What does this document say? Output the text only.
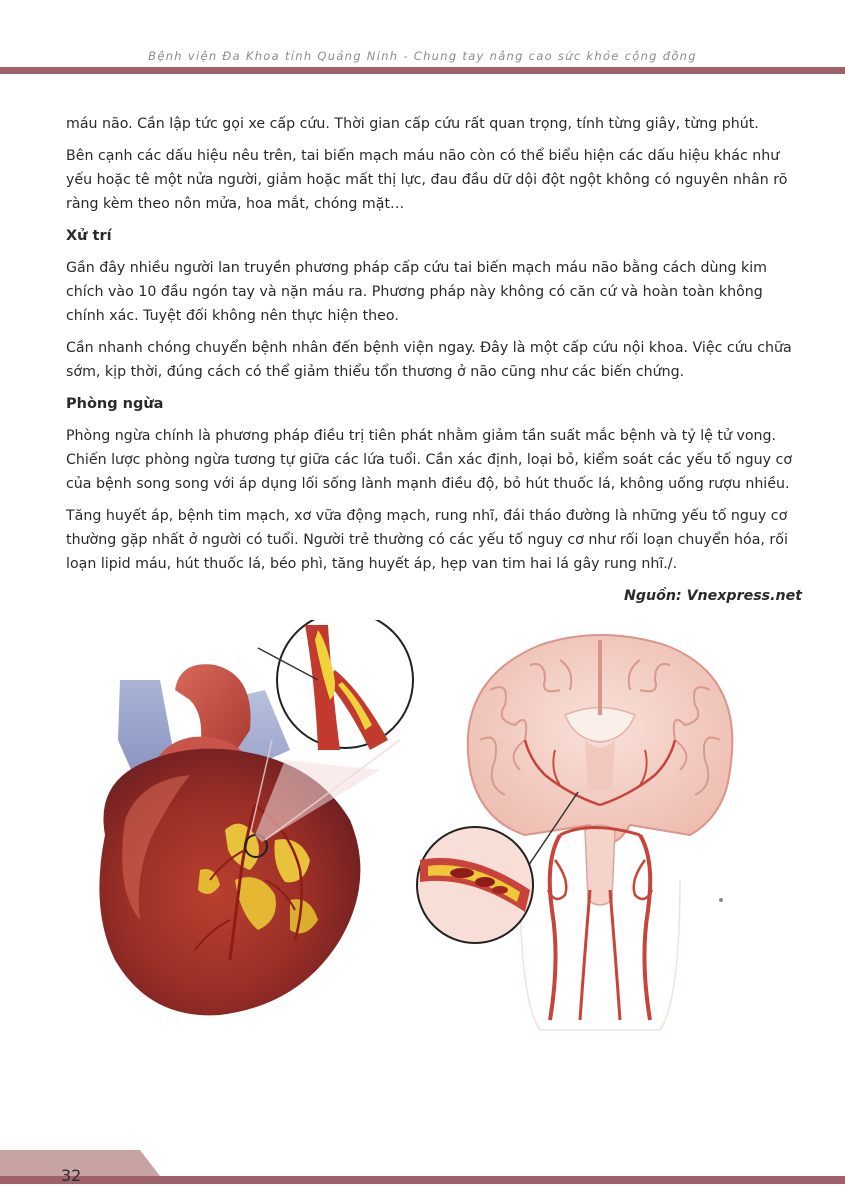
Bệnh viện Đa Khoa tỉnh Quảng Ninh - Chung tay nâng cao sức khỏe cộng đồng

máu não. Cần lập tức gọi xe cấp cứu. Thời gian cấp cứu rất quan trọng, tính từng giây, từng phút.

Bên cạnh các dấu hiệu nêu trên, tai biến mạch máu não còn có thể biểu hiện các dấu hiệu khác như yếu hoặc tê một nửa người, giảm hoặc mất thị lực, đau đầu dữ dội đột ngột không có nguyên nhân rõ ràng kèm theo nôn mửa, hoa mắt, chóng mặt…

Xử trí

Gần đây nhiều người lan truyền phương pháp cấp cứu tai biến mạch máu não bằng cách dùng kim chích vào 10 đầu ngón tay và nặn máu ra. Phương pháp này không có căn cứ và hoàn toàn không chính xác. Tuyệt đối không nên thực hiện theo.

Cần nhanh chóng chuyển bệnh nhân đến bệnh viện ngay. Đây là một cấp cứu nội khoa. Việc cứu chữa sớm, kịp thời, đúng cách có thể giảm thiểu tổn thương ở não cũng như các biến chứng.

Phòng ngừa

Phòng ngừa chính là phương pháp điều trị tiên phát nhằm giảm tần suất mắc bệnh và tỷ lệ tử vong. Chiến lược phòng ngừa tương tự giữa các lứa tuổi. Cần xác định, loại bỏ, kiểm soát các yếu tố nguy cơ của bệnh song song với áp dụng lối sống lành mạnh điều độ, bỏ hút thuốc lá, không uống rượu nhiều.

Tăng huyết áp, bệnh tim mạch, xơ vữa động mạch, rung nhĩ, đái tháo đường là những yếu tố nguy cơ thường gặp nhất ở người có tuổi. Người trẻ thường có các yếu tố nguy cơ như rối loạn chuyển hóa, rối loạn lipid máu, hút thuốc lá, béo phì, tăng huyết áp, hẹp van tim hai lá gây rung nhĩ./.

Nguồn: Vnexpress.net
32
